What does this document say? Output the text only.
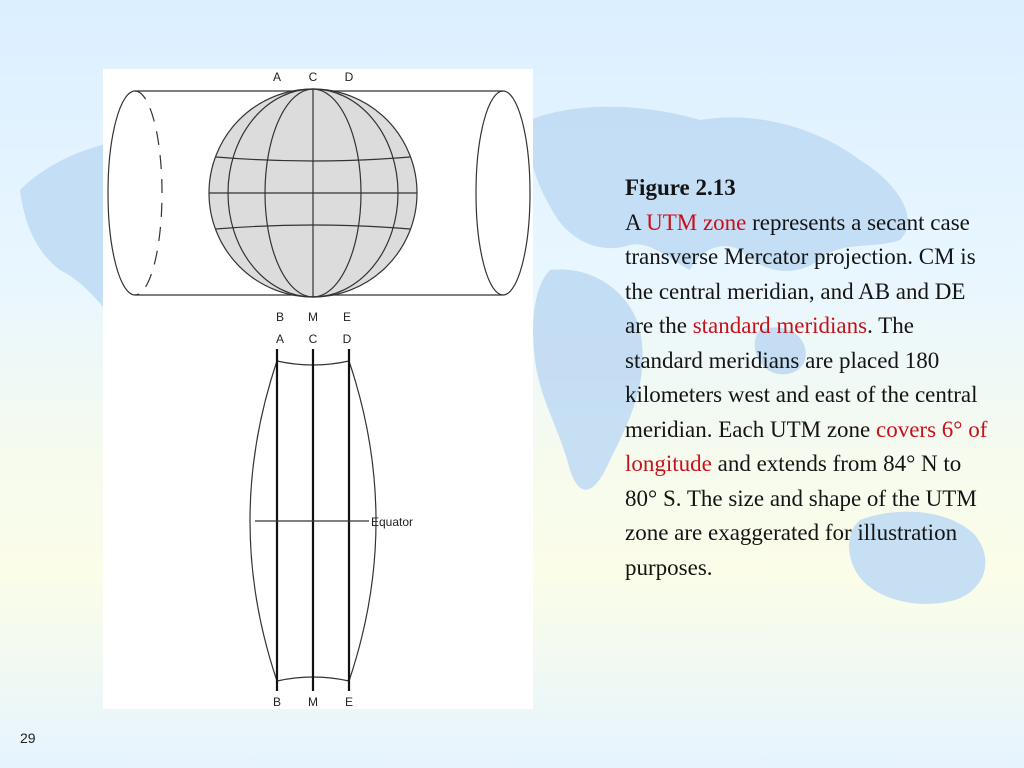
A C D
B M E
A C D
Equator
B M E
Figure 2.13
A UTM zone represents a secant case transverse Mercator projection. CM is the central meridian, and AB and DE are the standard meridians. The standard meridians are placed 180 kilometers west and east of the central meridian. Each UTM zone covers 6° of longitude and extends from 84° N to 80° S. The size and shape of the UTM zone are exaggerated for illustration purposes.
29
